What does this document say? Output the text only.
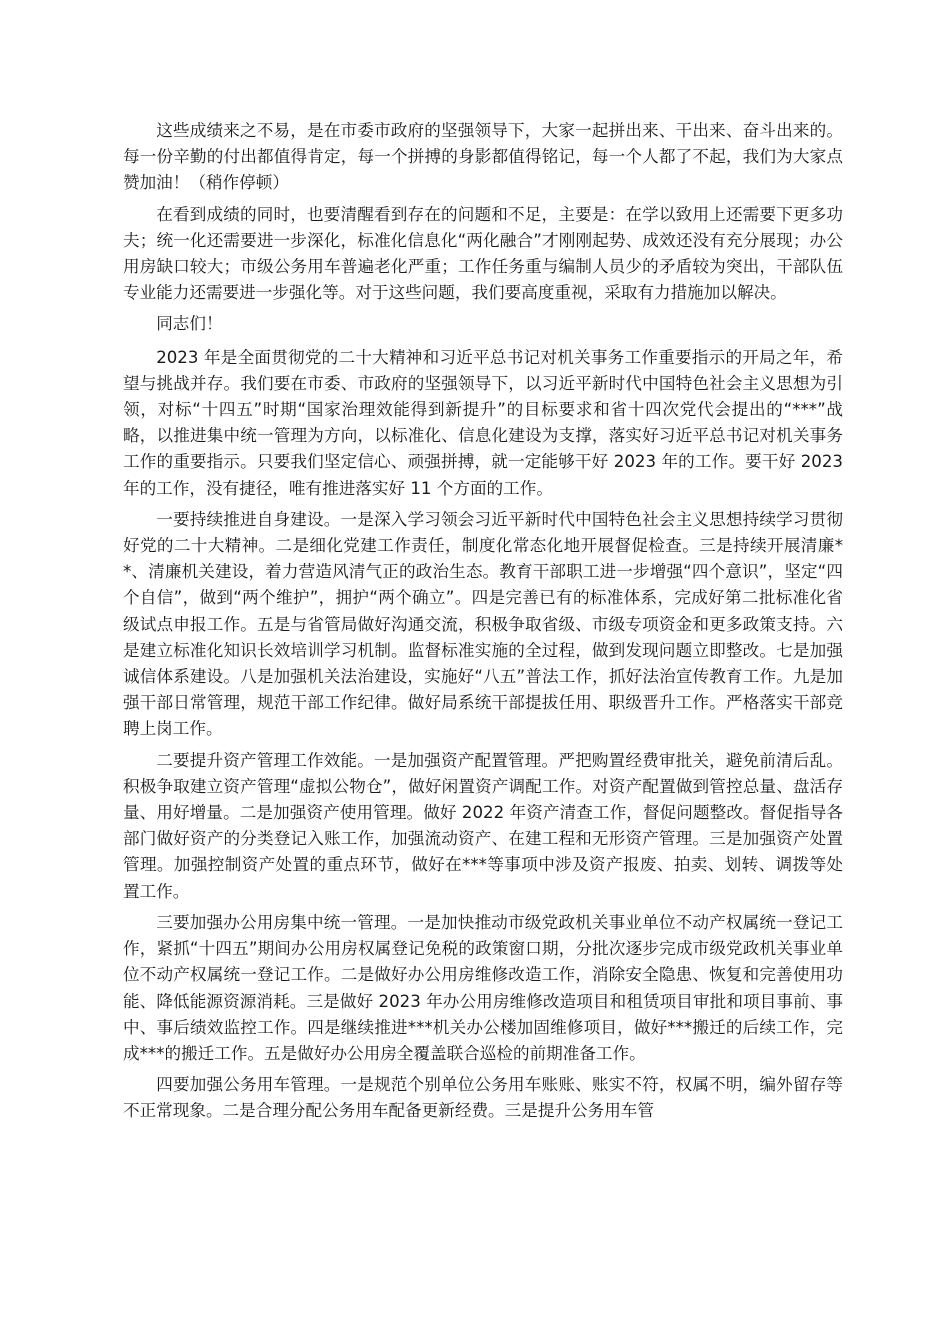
这些成绩来之不易，是在市委市政府的坚强领导下，大家一起拼出来、干出来、奋斗出来的。每一份辛勤的付出都值得肯定，每一个拼搏的身影都值得铭记，每一个人都了不起，我们为大家点赞加油！（稍作停顿）

在看到成绩的同时，也要清醒看到存在的问题和不足，主要是：在学以致用上还需要下更多功夫；统一化还需要进一步深化，标准化信息化“两化融合”才刚刚起势、成效还没有充分展现；办公用房缺口较大；市级公务用车普遍老化严重；工作任务重与编制人员少的矛盾较为突出，干部队伍专业能力还需要进一步强化等。对于这些问题，我们要高度重视，采取有力措施加以解决。

同志们！

2023 年是全面贯彻党的二十大精神和习近平总书记对机关事务工作重要指示的开局之年，希望与挑战并存。我们要在市委、市政府的坚强领导下，以习近平新时代中国特色社会主义思想为引领，对标“十四五”时期“国家治理效能得到新提升”的目标要求和省十四次党代会提出的“***”战略，以推进集中统一管理为方向，以标准化、信息化建设为支撑，落实好习近平总书记对机关事务工作的重要指示。只要我们坚定信心、顽强拼搏，就一定能够干好 2023 年的工作。要干好 2023 年的工作，没有捷径，唯有推进落实好 11 个方面的工作。

一要持续推进自身建设。一是深入学习领会习近平新时代中国特色社会主义思想持续学习贯彻好党的二十大精神。二是细化党建工作责任，制度化常态化地开展督促检查。三是持续开展清廉**、清廉机关建设，着力营造风清气正的政治生态。教育干部职工进一步增强“四个意识”，坚定“四个自信”，做到“两个维护”，拥护“两个确立”。四是完善已有的标准体系，完成好第二批标准化省级试点申报工作。五是与省管局做好沟通交流，积极争取省级、市级专项资金和更多政策支持。六是建立标准化知识长效培训学习机制。监督标准实施的全过程，做到发现问题立即整改。七是加强诚信体系建设。八是加强机关法治建设，实施好“八五”普法工作，抓好法治宣传教育工作。九是加强干部日常管理，规范干部工作纪律。做好局系统干部提拔任用、职级晋升工作。严格落实干部竞聘上岗工作。

二要提升资产管理工作效能。一是加强资产配置管理。严把购置经费审批关，避免前清后乱。积极争取建立资产管理“虚拟公物仓”，做好闲置资产调配工作。对资产配置做到管控总量、盘活存量、用好增量。二是加强资产使用管理。做好 2022 年资产清查工作，督促问题整改。督促指导各部门做好资产的分类登记入账工作，加强流动资产、在建工程和无形资产管理。三是加强资产处置管理。加强控制资产处置的重点环节，做好在***等事项中涉及资产报废、拍卖、划转、调拨等处置工作。

三要加强办公用房集中统一管理。一是加快推动市级党政机关事业单位不动产权属统一登记工作，紧抓“十四五”期间办公用房权属登记免税的政策窗口期，分批次逐步完成市级党政机关事业单位不动产权属统一登记工作。二是做好办公用房维修改造工作，消除安全隐患、恢复和完善使用功能、降低能源资源消耗。三是做好 2023 年办公用房维修改造项目和租赁项目审批和项目事前、事中、事后绩效监控工作。四是继续推进***机关办公楼加固维修项目，做好***搬迁的后续工作，完成***的搬迁工作。五是做好办公用房全覆盖联合巡检的前期准备工作。

四要加强公务用车管理。一是规范个别单位公务用车账账、账实不符，权属不明，编外留存等不正常现象。二是合理分配公务用车配备更新经费。三是提升公务用车管
